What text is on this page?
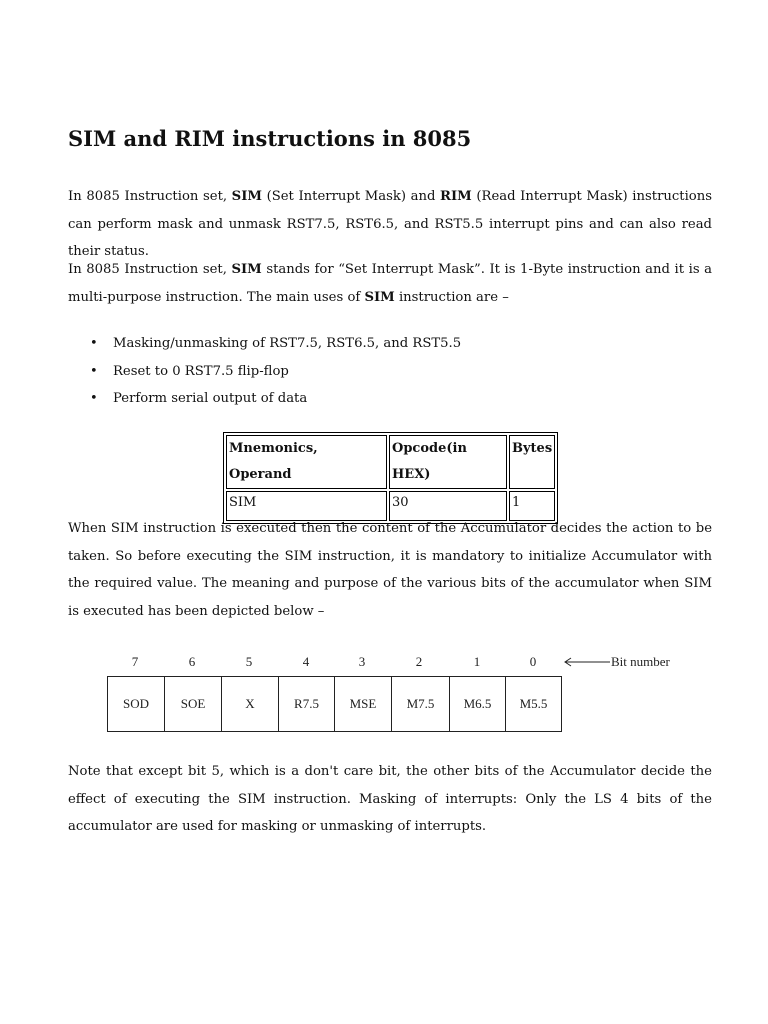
SIM and RIM instructions in 8085

In 8085 Instruction set, SIM (Set Interrupt Mask) and RIM (Read Interrupt Mask) instructions can perform mask and unmask RST7.5, RST6.5, and RST5.5 interrupt pins and can also read their status.

In 8085 Instruction set, SIM stands for “Set Interrupt Mask”. It is 1-Byte instruction and it is a multi-purpose instruction. The main uses of SIM instruction are –

• Masking/unmasking of RST7.5, RST6.5, and RST5.5
• Reset to 0 RST7.5 flip-flop
• Perform serial output of data
Mnemonics, Operand	Opcode(in HEX)	Bytes
SIM	30	1

When SIM instruction is executed then the content of the Accumulator decides the action to be taken. So before executing the SIM instruction, it is mandatory to initialize Accumulator with the required value. The meaning and purpose of the various bits of the accumulator when SIM is executed has been depicted below –

7	6	5	4	3	2	1	0	Bit number
SOD	SOE	X	R7.5	MSE	M7.5	M6.5	M5.5

Note that except bit 5, which is a don't care bit, the other bits of the Accumulator decide the effect of executing the SIM instruction. Masking of interrupts: Only the LS 4 bits of the accumulator are used for masking or unmasking of interrupts.
